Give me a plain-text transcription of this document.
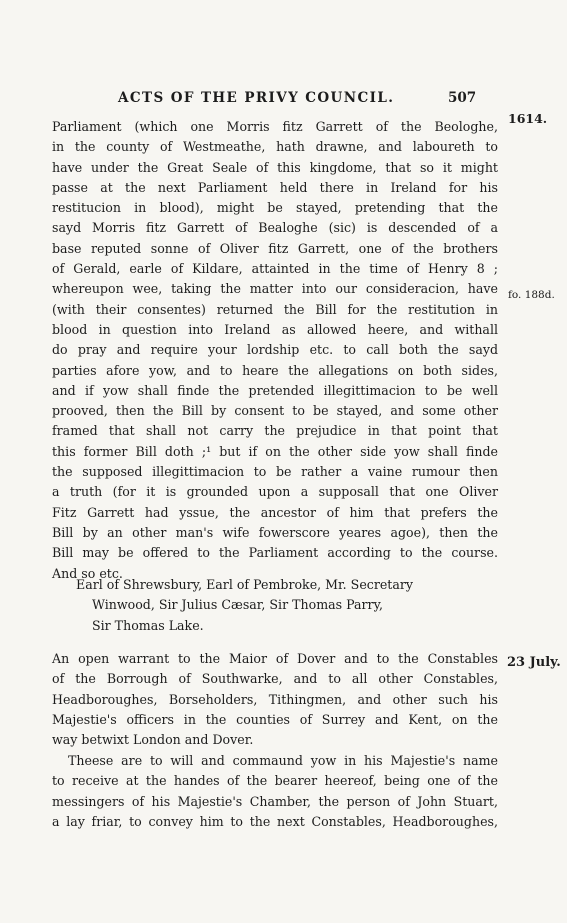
ACTS OF THE PRIVY COUNCIL.	507
1614.
fo. 188d.
23 July.
Parliament (which one Morris fitz Garrett of the Beologhe,
in the county of Westmeathe, hath drawne, and laboureth to
have under the Great Seale of this kingdome, that so it might
passe at the next Parliament held there in Ireland for his
restitucion in blood), might be stayed, pretending that the
sayd Morris fitz Garrett of Bealoghe (sic) is descended of a
base reputed sonne of Oliver fitz Garrett, one of the brothers
of Gerald, earle of Kildare, attainted in the time of Henry 8 ;
whereupon wee, taking the matter into our consideracion, have
(with their consentes) returned the Bill for the restitution in
blood in question into Ireland as allowed heere, and withall
do pray and require your lordship etc. to call both the sayd
parties afore yow, and to heare the allegations on both sides,
and if yow shall finde the pretended illegittimacion to be well
prooved, then the Bill by consent to be stayed, and some other
framed that shall not carry the prejudice in that point that
this former Bill doth ;¹ but if on the other side yow shall finde
the supposed illegittimacion to be rather a vaine rumour then
a truth (for it is grounded upon a supposall that one Oliver
Fitz Garrett had yssue, the ancestor of him that prefers the
Bill by an other man's wife fowerscore yeares agoe), then the
Bill may be offered to the Parliament according to the course.
And so etc.
Earl of Shrewsbury, Earl of Pembroke, Mr. Secretary
Winwood, Sir Julius Cæsar, Sir Thomas Parry,
Sir Thomas Lake.
An open warrant to the Maior of Dover and to the Constables
of the Borrough of Southwarke, and to all other Constables,
Headboroughes, Borseholders, Tithingmen, and other such his
Majestie's officers in the counties of Surrey and Kent, on the
way betwixt London and Dover.
Theese are to will and commaund yow in his Majestie's name
to receive at the handes of the bearer heereof, being one of the
messingers of his Majestie's Chamber, the person of John Stuart,
a lay friar, to convey him to the next Constables, Headboroughes,
